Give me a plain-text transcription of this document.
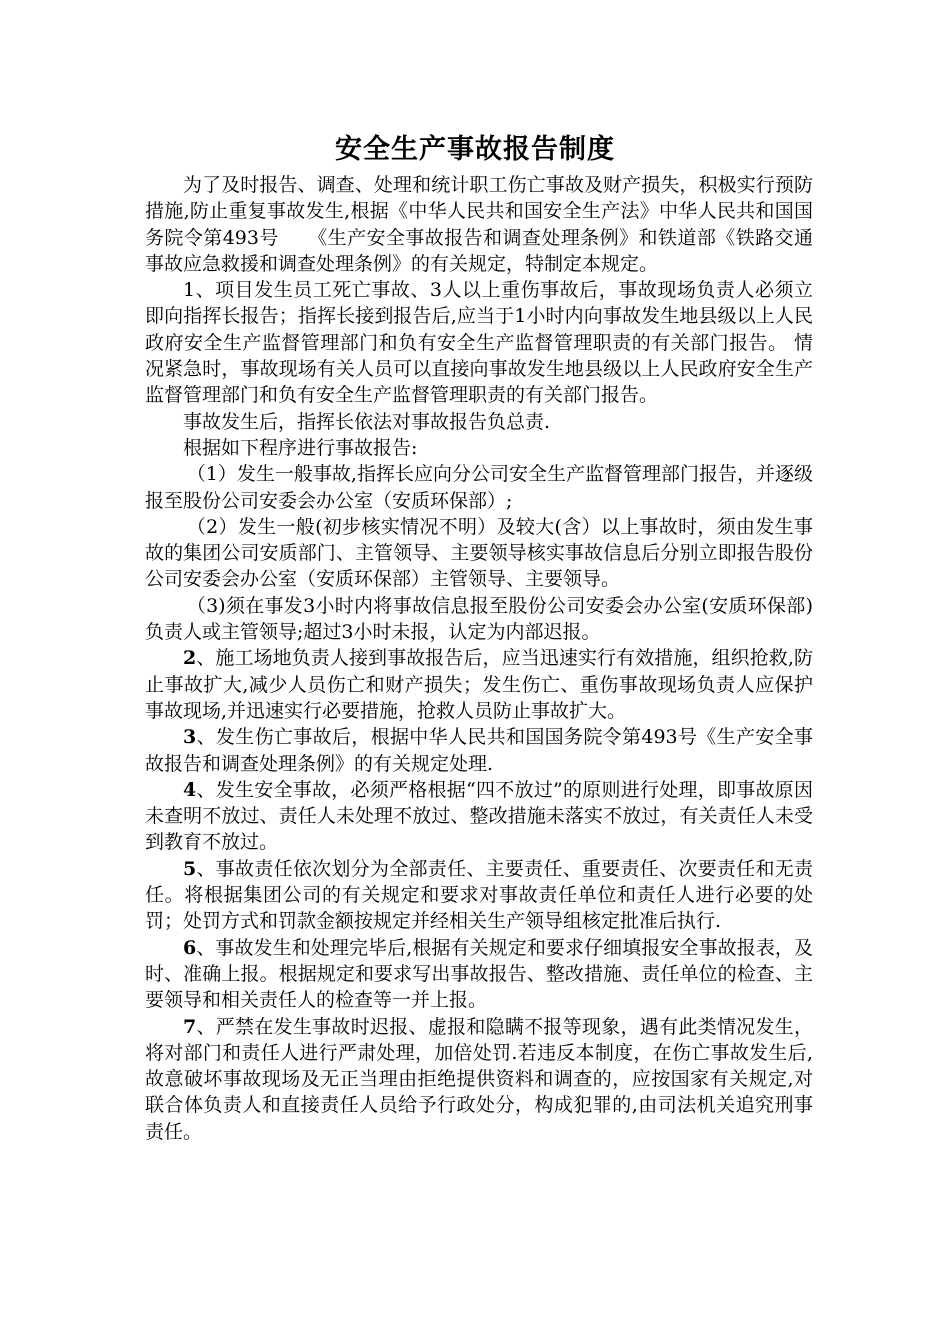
安全生产事故报告制度

为了及时报告、调查、处理和统计职工伤亡事故及财产损失，积极实行预防措施,防止重复事故发生,根据《中华人民共和国安全生产法》中华人民共和国国务院令第493号　　《生产安全事故报告和调查处理条例》和铁道部《铁路交通事故应急救援和调查处理条例》的有关规定，特制定本规定。

1、项目发生员工死亡事故、3人以上重伤事故后，事故现场负责人必须立即向指挥长报告；指挥长接到报告后,应当于1小时内向事故发生地县级以上人民政府安全生产监督管理部门和负有安全生产监督管理职责的有关部门报告。 情况紧急时，事故现场有关人员可以直接向事故发生地县级以上人民政府安全生产监督管理部门和负有安全生产监督管理职责的有关部门报告。

事故发生后，指挥长依法对事故报告负总责.

根据如下程序进行事故报告:

（1）发生一般事故,指挥长应向分公司安全生产监督管理部门报告，并逐级报至股份公司安委会办公室（安质环保部）;

（2）发生一般(初步核实情况不明）及较大(含）以上事故时，须由发生事故的集团公司安质部门、主管领导、主要领导核实事故信息后分别立即报告股份公司安委会办公室（安质环保部）主管领导、主要领导。

（3)须在事发3小时内将事故信息报至股份公司安委会办公室(安质环保部)负责人或主管领导;超过3小时未报，认定为内部迟报。

2、施工场地负责人接到事故报告后，应当迅速实行有效措施，组织抢救,防止事故扩大,减少人员伤亡和财产损失；发生伤亡、重伤事故现场负责人应保护事故现场,并迅速实行必要措施，抢救人员防止事故扩大。

3、发生伤亡事故后，根据中华人民共和国国务院令第493号《生产安全事故报告和调查处理条例》的有关规定处理.

4、发生安全事故，必须严格根据“四不放过”的原则进行处理，即事故原因未查明不放过、责任人未处理不放过、整改措施未落实不放过，有关责任人未受到教育不放过。

5、事故责任依次划分为全部责任、主要责任、重要责任、次要责任和无责任。将根据集团公司的有关规定和要求对事故责任单位和责任人进行必要的处罚；处罚方式和罚款金额按规定并经相关生产领导组核定批准后执行.

6、事故发生和处理完毕后,根据有关规定和要求仔细填报安全事故报表，及时、准确上报。根据规定和要求写出事故报告、整改措施、责任单位的检查、主要领导和相关责任人的检查等一并上报。

7、严禁在发生事故时迟报、虚报和隐瞒不报等现象，遇有此类情况发生，将对部门和责任人进行严肃处理，加倍处罚.若违反本制度，在伤亡事故发生后,故意破坏事故现场及无正当理由拒绝提供资料和调查的，应按国家有关规定,对联合体负责人和直接责任人员给予行政处分，构成犯罪的,由司法机关追究刑事责任。
